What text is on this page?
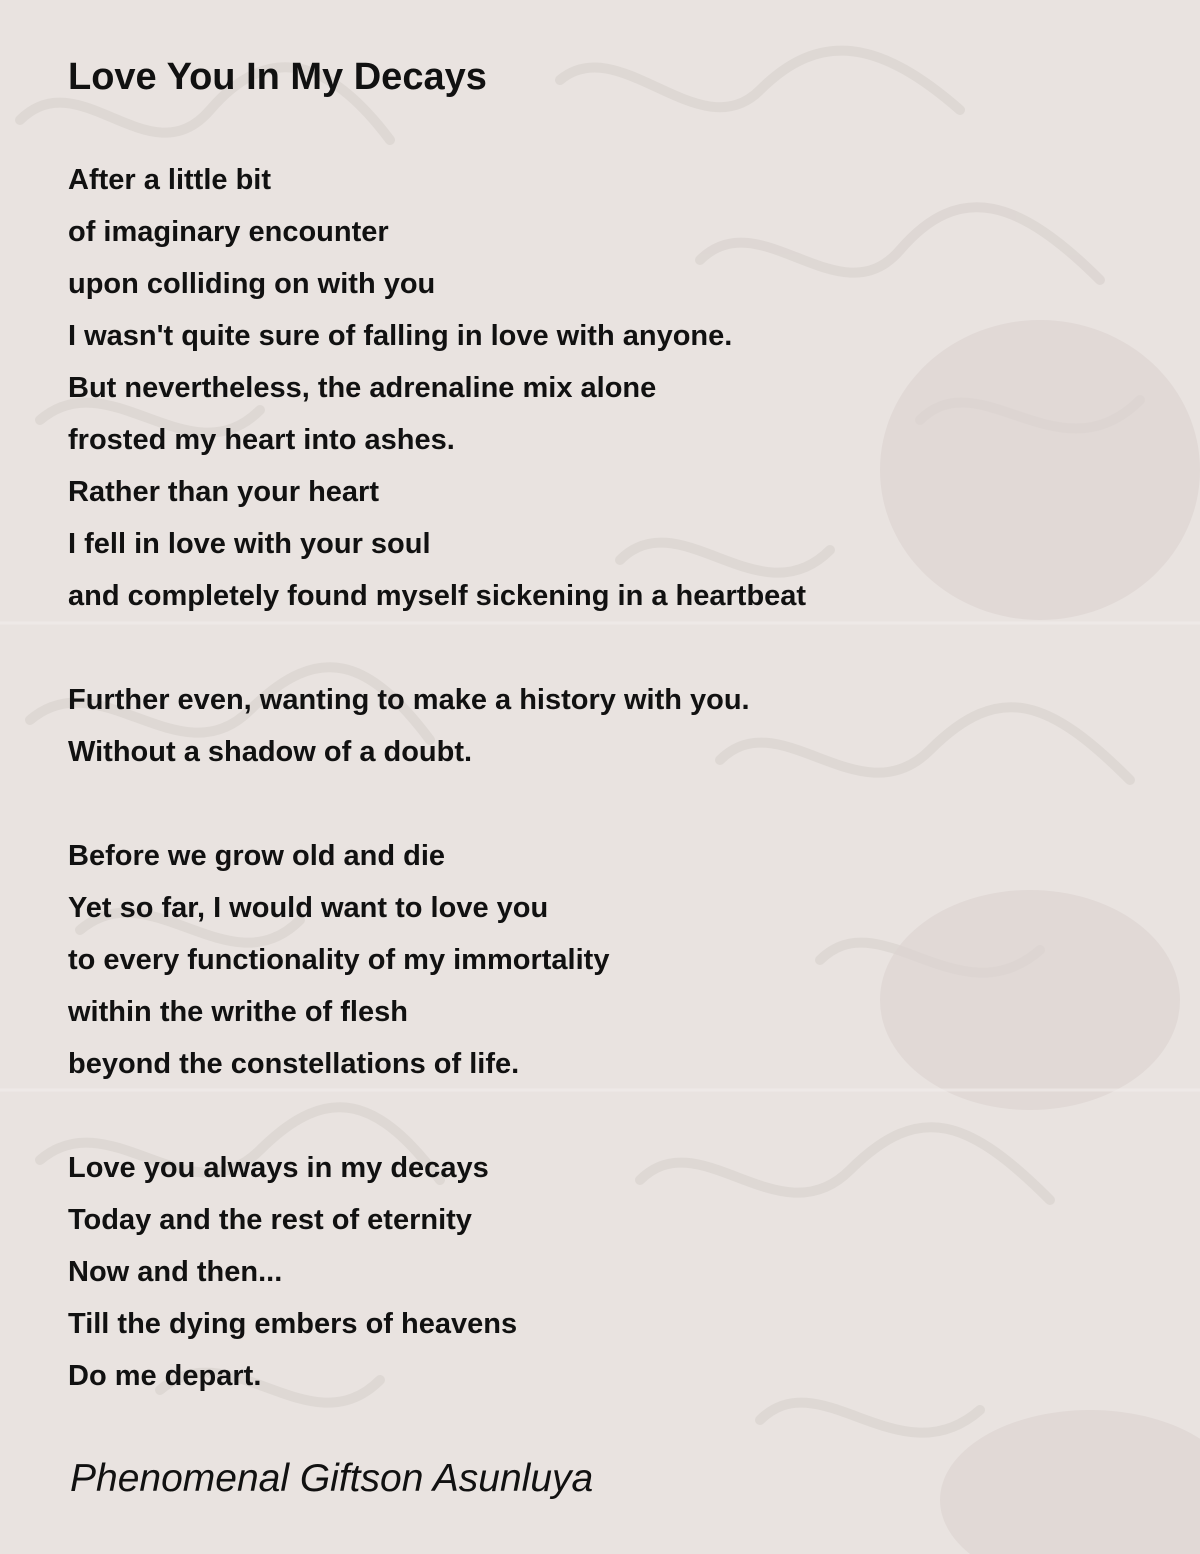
Love You In My Decays
After a little bit
of imaginary encounter
upon colliding on with you
I wasn't quite sure of falling in love with anyone.
But nevertheless, the adrenaline mix alone
frosted my heart into ashes.
Rather than your heart
I fell in love with your soul
and completely found myself sickening in a heartbeat
Further even, wanting to make a history with you.
Without a shadow of a doubt.
Before we grow old and die
Yet so far, I would want to love you
to every functionality of my immortality
within the writhe of flesh
beyond the constellations of life.
Love you always in my decays
Today and the rest of eternity
Now and then...
Till the dying embers of heavens
Do me depart.
Phenomenal Giftson Asunluya
